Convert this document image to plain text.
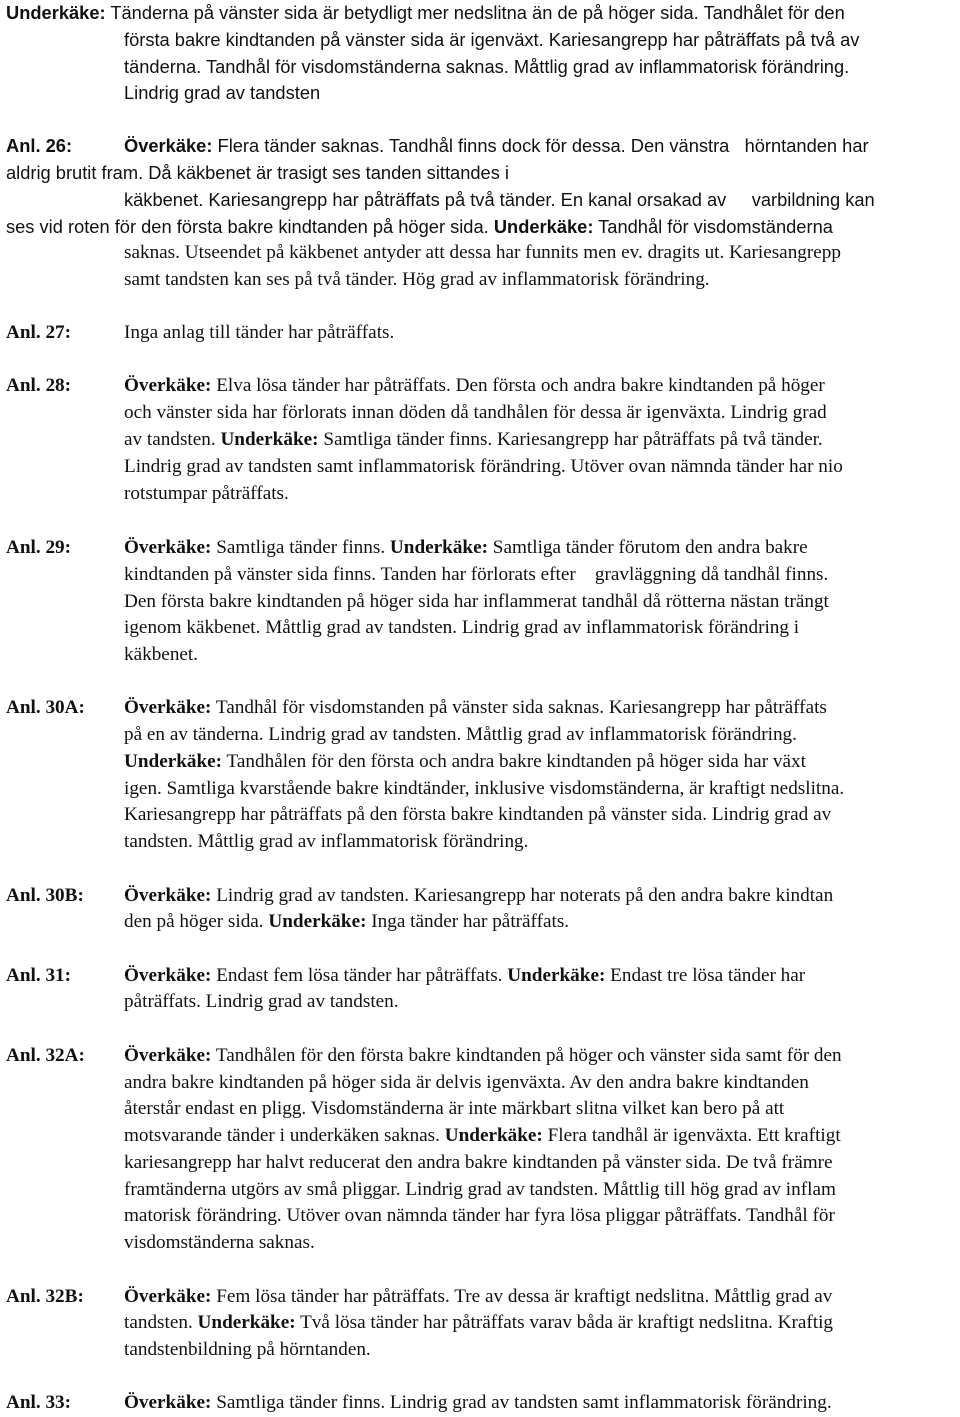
Underkäke: Tänderna på vänster sida är betydligt mer nedslitna än de på höger sida. Tandhålet för den

första bakre kindtanden på vänster sida är igenväxt. Kariesangrepp har påträffats på två av

tänderna. Tandhål för visdomständerna saknas. Måttlig grad av inflammatorisk förändring.

Lindrig grad av tandsten

Anl. 26:	Överkäke: Flera tänder saknas. Tandhål finns dock för dessa. Den vänstra   hörntanden har

aldrig brutit fram. Då käkbenet är trasigt ses tanden sittandes i

käkbenet. Kariesangrepp har påträffats på två tänder. En kanal orsakad av     varbildning kan

ses vid roten för den första bakre kindtanden på höger sida. Underkäke: Tandhål för visdomständerna

saknas. Utseendet på käkbenet antyder att dessa har funnits men ev. dragits ut. Kariesangrepp

samt tandsten kan ses på två tänder. Hög grad av inflammatorisk förändring.

Anl. 27:	Inga anlag till tänder har påträffats.

Anl. 28:	Överkäke: Elva lösa tänder har påträffats. Den första och andra bakre kindtanden på höger

och vänster sida har förlorats innan döden då tandhålen för dessa är igenväxta. Lindrig grad

av tandsten. Underkäke: Samtliga tänder finns. Kariesangrepp har påträffats på två tänder.

Lindrig grad av tandsten samt inflammatorisk förändring. Utöver ovan nämnda tänder har nio

rotstumpar påträffats.

Anl. 29:	Överkäke: Samtliga tänder finns. Underkäke: Samtliga tänder förutom den andra bakre

kindtanden på vänster sida finns. Tanden har förlorats efter    gravläggning då tandhål finns.

Den första bakre kindtanden på höger sida har inflammerat tandhål då rötterna nästan trängt

igenom käkbenet. Måttlig grad av tandsten. Lindrig grad av inflammatorisk förändring i

käkbenet.

Anl. 30A: Överkäke: Tandhål för visdomstanden på vänster sida saknas. Kariesangrepp har påträffats

på en av tänderna. Lindrig grad av tandsten. Måttlig grad av inflammatorisk förändring.

Underkäke: Tandhålen för den första och andra bakre kindtanden på höger sida har växt

igen. Samtliga kvarstående bakre kindtänder, inklusive visdomständerna, är kraftigt nedslitna.

Kariesangrepp har påträffats på den första bakre kindtanden på vänster sida. Lindrig grad av

tandsten. Måttlig grad av inflammatorisk förändring.

Anl. 30B: Överkäke: Lindrig grad av tandsten. Kariesangrepp har noterats på den andra bakre kindtan

den på höger sida. Underkäke: Inga tänder har påträffats.

Anl. 31:	Överkäke: Endast fem lösa tänder har påträffats. Underkäke: Endast tre lösa tänder har

påträffats. Lindrig grad av tandsten.

Anl. 32A: Överkäke: Tandhålen för den första bakre kindtanden på höger och vänster sida samt för den

andra bakre kindtanden på höger sida är delvis igenväxta. Av den andra bakre kindtanden

återstår endast en pligg. Visdomständerna är inte märkbart slitna vilket kan bero på att

motsvarande tänder i underkäken saknas. Underkäke: Flera tandhål är igenväxta. Ett kraftigt

kariesangrepp har halvt reducerat den andra bakre kindtanden på vänster sida. De två främre

framtänderna utgörs av små pliggar. Lindrig grad av tandsten. Måttlig till hög grad av inflam

matorisk förändring. Utöver ovan nämnda tänder har fyra lösa pliggar påträffats. Tandhål för

visdomständerna saknas.

Anl. 32B: Överkäke: Fem lösa tänder har påträffats. Tre av dessa är kraftigt nedslitna. Måttlig grad av

tandsten. Underkäke: Två lösa tänder har påträffats varav båda är kraftigt nedslitna. Kraftig

tandstenbildning på hörntanden.

Anl. 33:	Överkäke: Samtliga tänder finns. Lindrig grad av tandsten samt inflammatorisk förändring.
